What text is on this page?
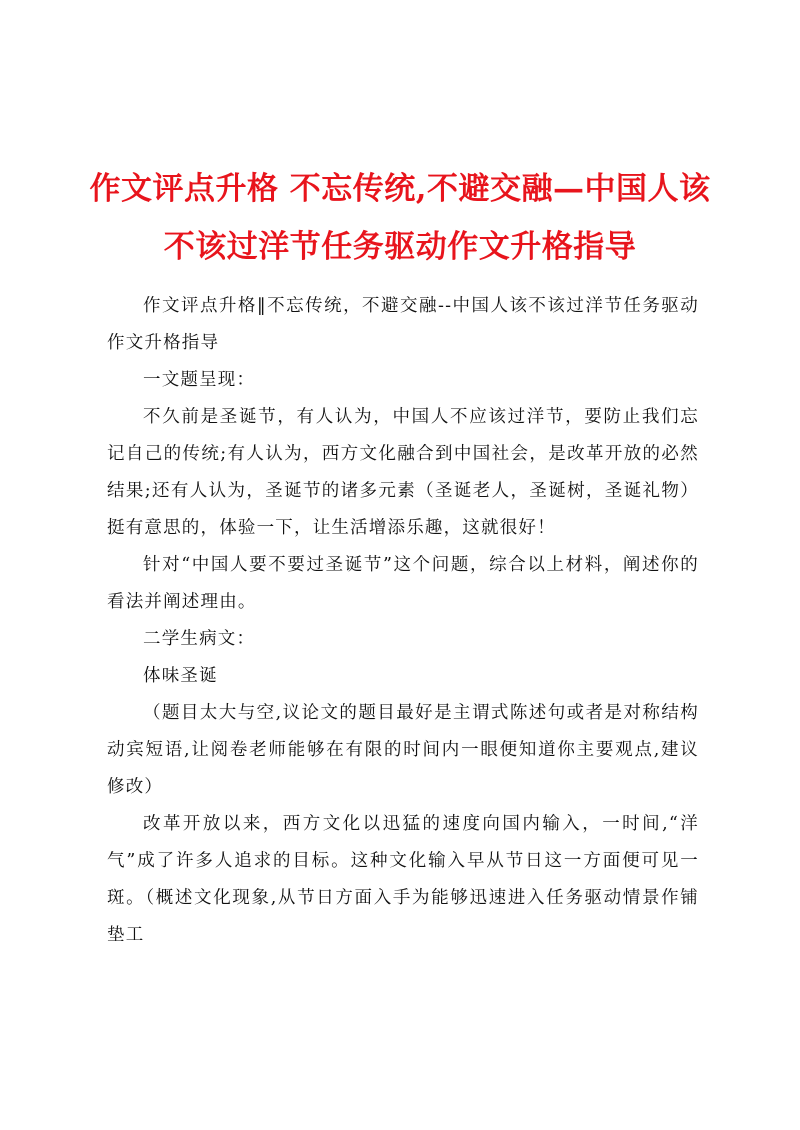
作文评点升格 不忘传统,不避交融—中国人该
不该过洋节任务驱动作文升格指导

作文评点升格‖不忘传统，不避交融--中国人该不该过洋节任务驱动作文升格指导

一文题呈现：

不久前是圣诞节，有人认为，中国人不应该过洋节，要防止我们忘记自己的传统;有人认为，西方文化融合到中国社会，是改革开放的必然结果;还有人认为，圣诞节的诸多元素（圣诞老人，圣诞树，圣诞礼物）挺有意思的，体验一下，让生活增添乐趣，这就很好！

针对“中国人要不要过圣诞节”这个问题，综合以上材料，阐述你的看法并阐述理由。

二学生病文：

体味圣诞

（题目太大与空,议论文的题目最好是主谓式陈述句或者是对称结构动宾短语,让阅卷老师能够在有限的时间内一眼便知道你主要观点,建议修改）

改革开放以来，西方文化以迅猛的速度向国内输入，一时间,“洋气”成了许多人追求的目标。这种文化输入早从节日这一方面便可见一斑。（概述文化现象,从节日方面入手为能够迅速进入任务驱动情景作铺垫工
